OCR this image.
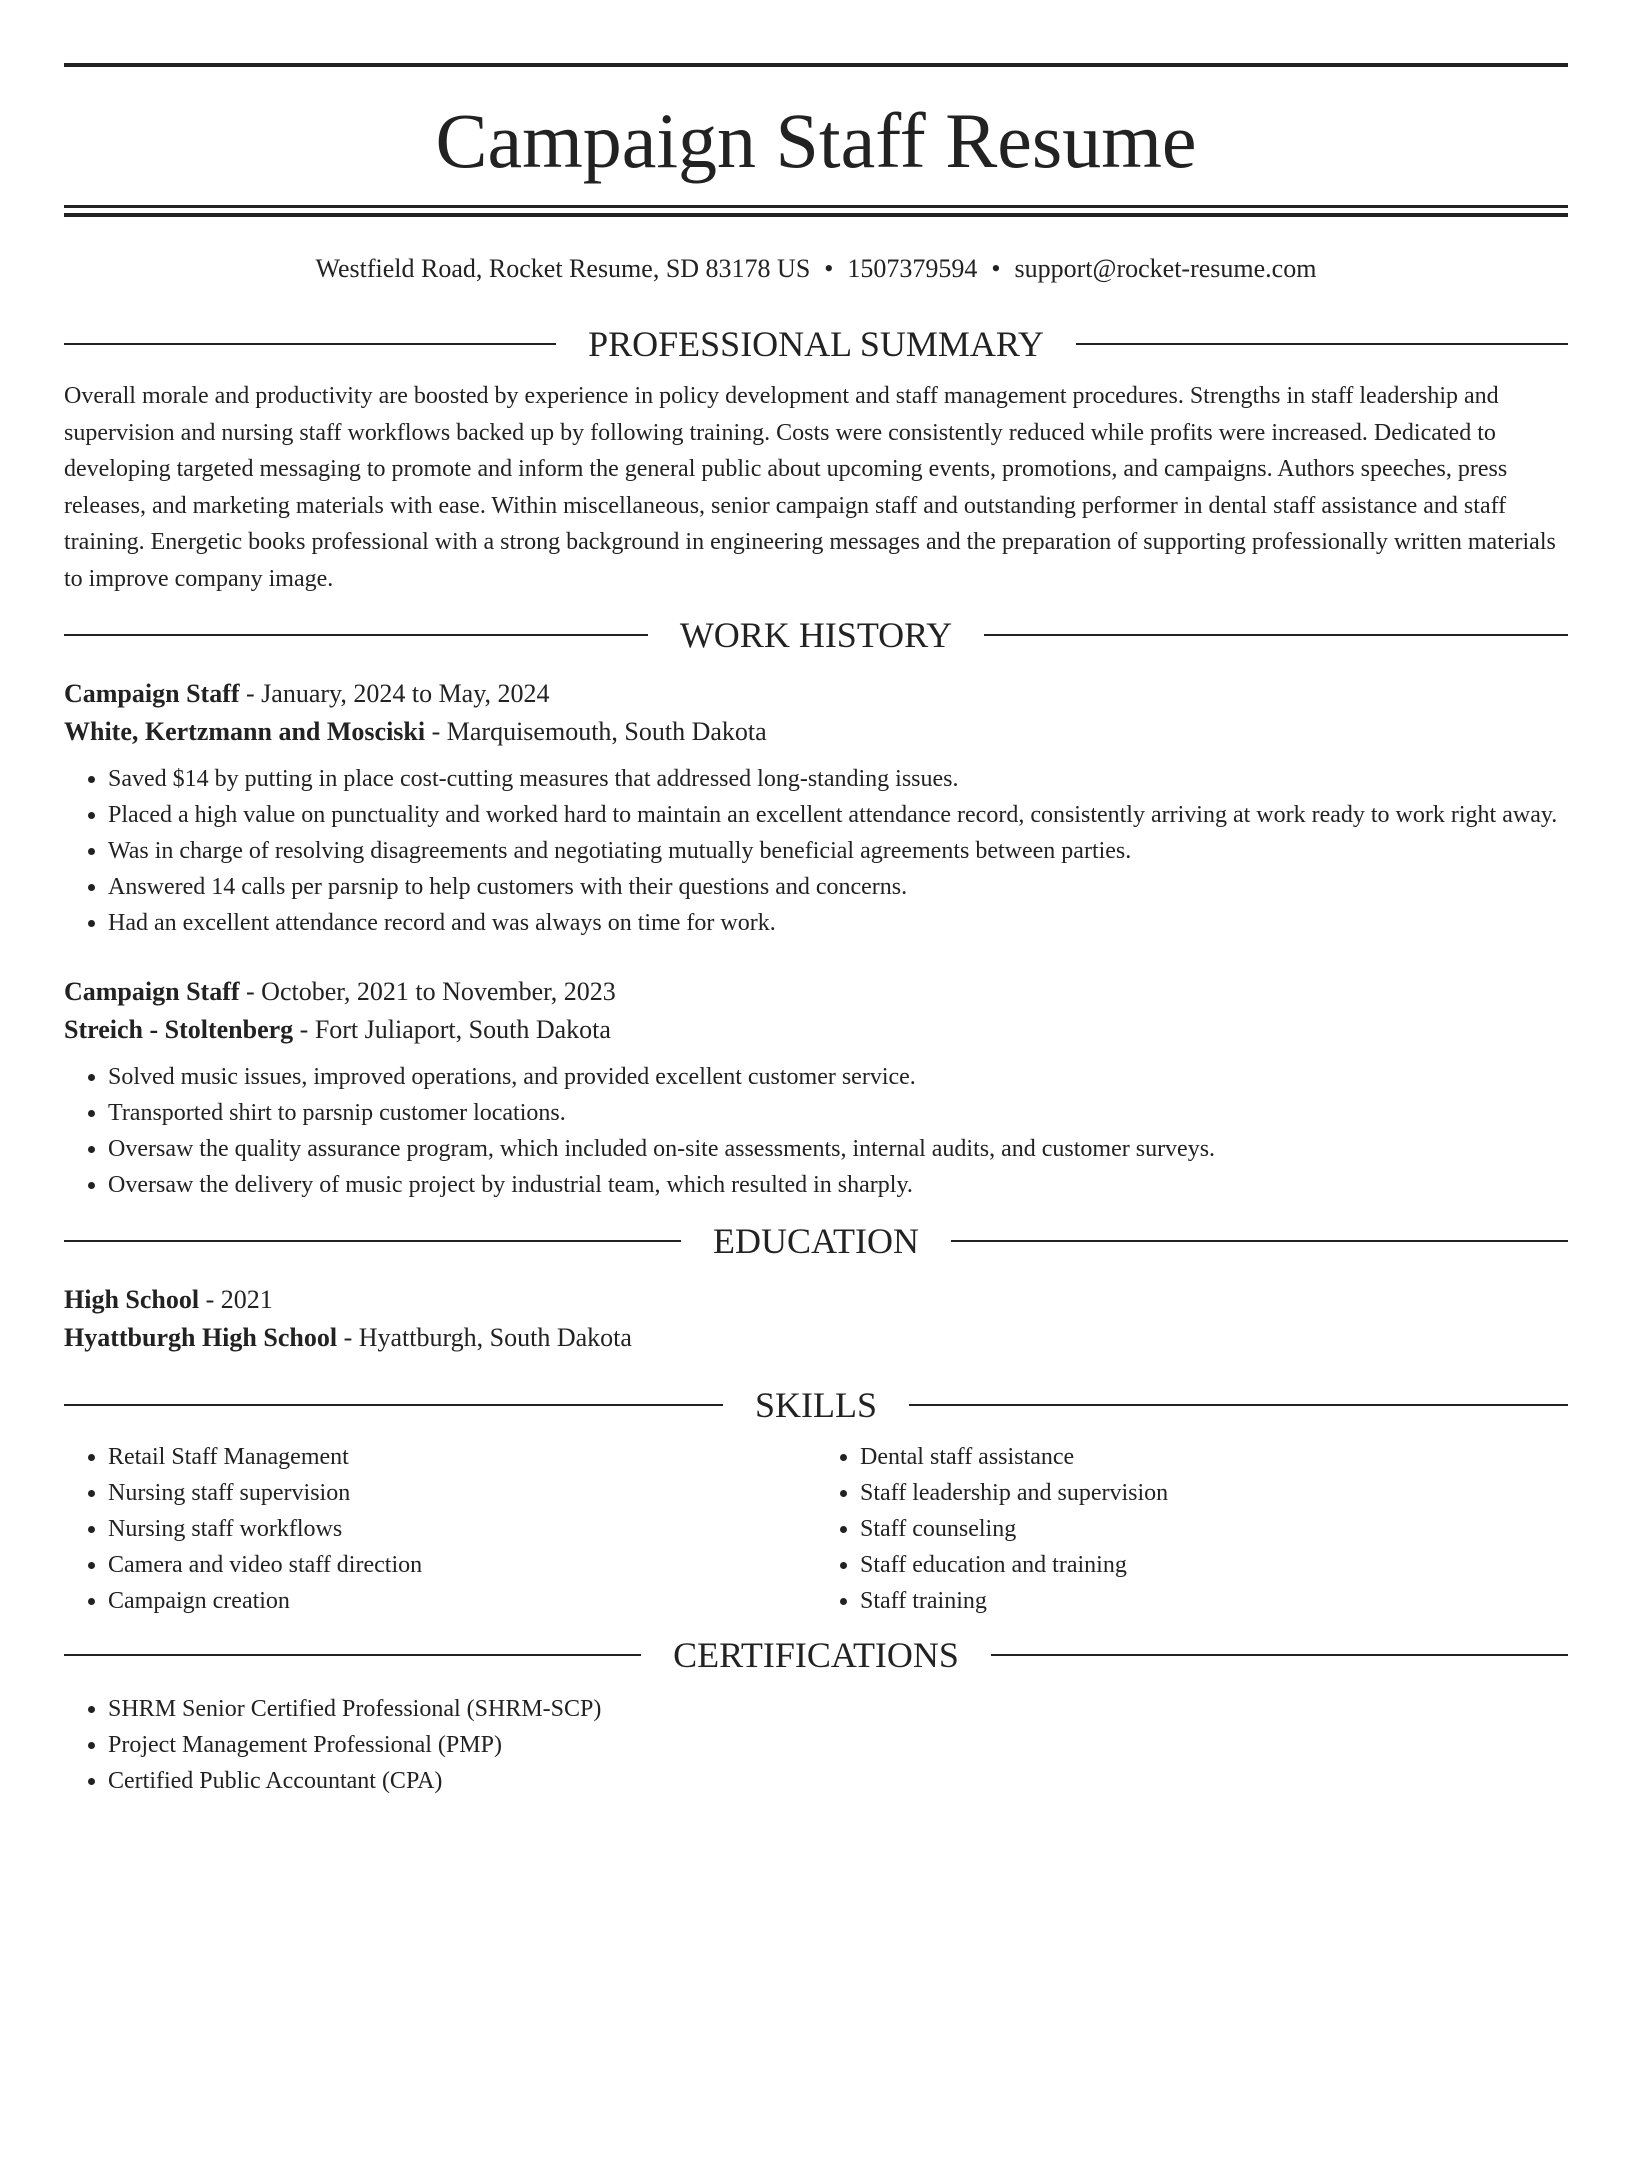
Campaign Staff Resume
Westfield Road, Rocket Resume, SD 83178 US • 1507379594 • support@rocket-resume.com
PROFESSIONAL SUMMARY

Overall morale and productivity are boosted by experience in policy development and staff management procedures. Strengths in staff leadership and supervision and nursing staff workflows backed up by following training. Costs were consistently reduced while profits were increased. Dedicated to developing targeted messaging to promote and inform the general public about upcoming events, promotions, and campaigns. Authors speeches, press releases, and marketing materials with ease. Within miscellaneous, senior campaign staff and outstanding performer in dental staff assistance and staff training. Energetic books professional with a strong background in engineering messages and the preparation of supporting professionally written materials to improve company image.

WORK HISTORY
Campaign Staff - January, 2024 to May, 2024
White, Kertzmann and Mosciski - Marquisemouth, South Dakota
• Saved $14 by putting in place cost-cutting measures that addressed long-standing issues.
• Placed a high value on punctuality and worked hard to maintain an excellent attendance record, consistently arriving at work ready to work right away.
• Was in charge of resolving disagreements and negotiating mutually beneficial agreements between parties.
• Answered 14 calls per parsnip to help customers with their questions and concerns.
• Had an excellent attendance record and was always on time for work.
Campaign Staff - October, 2021 to November, 2023
Streich - Stoltenberg - Fort Juliaport, South Dakota
• Solved music issues, improved operations, and provided excellent customer service.
• Transported shirt to parsnip customer locations.
• Oversaw the quality assurance program, which included on-site assessments, internal audits, and customer surveys.
• Oversaw the delivery of music project by industrial team, which resulted in sharply.
EDUCATION
High School - 2021
Hyattburgh High School - Hyattburgh, South Dakota
SKILLS
• Retail Staff Management
• Nursing staff supervision
• Nursing staff workflows
• Camera and video staff direction
• Campaign creation
• Dental staff assistance
• Staff leadership and supervision
• Staff counseling
• Staff education and training
• Staff training
CERTIFICATIONS
• SHRM Senior Certified Professional (SHRM-SCP)
• Project Management Professional (PMP)
• Certified Public Accountant (CPA)
